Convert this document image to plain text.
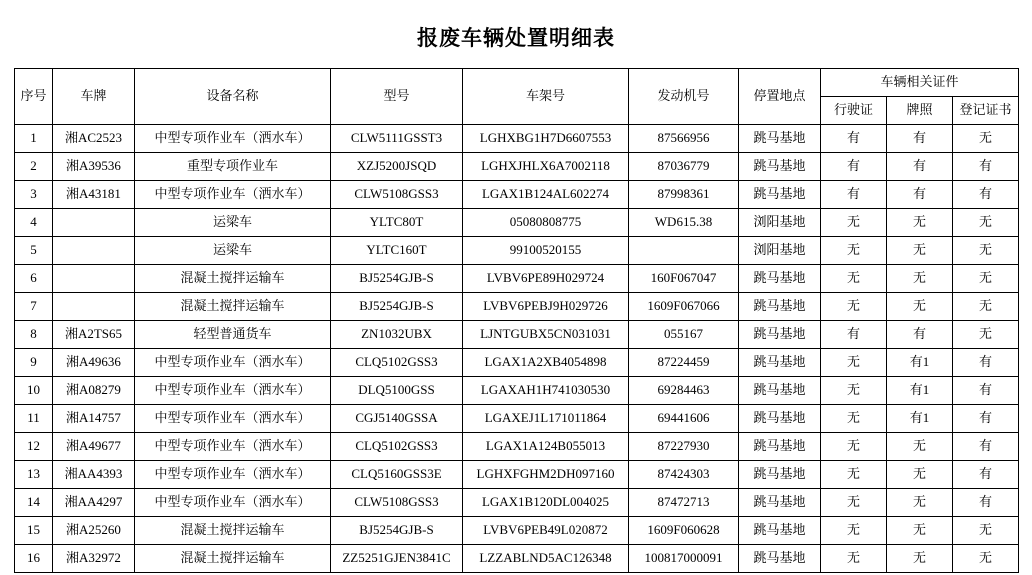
报废车辆处置明细表
序号	车牌	设备名称	型号	车架号	发动机号	停置地点	车辆相关证件		
							行驶证	牌照	登记证书
1	湘AC2523	中型专项作业车（洒水车）	CLW5111GSST3	LGHXBG1H7D6607553	87566956	跳马基地	有	有	无
2	湘A39536	重型专项作业车	XZJ5200JSQD	LGHXJHLX6A7002118	87036779	跳马基地	有	有	有
3	湘A43181	中型专项作业车（洒水车）	CLW5108GSS3	LGAX1B124AL602274	87998361	跳马基地	有	有	有
4		运梁车	YLTC80T	05080808775	WD615.38	浏阳基地	无	无	无
5		运梁车	YLTC160T	99100520155		浏阳基地	无	无	无
6		混凝土搅拌运输车	BJ5254GJB-S	LVBV6PE89H029724	160F067047	跳马基地	无	无	无
7		混凝土搅拌运输车	BJ5254GJB-S	LVBV6PEBJ9H029726	1609F067066	跳马基地	无	无	无
8	湘A2TS65	轻型普通货车	ZN1032UBX	LJNTGUBX5CN031031	055167	跳马基地	有	有	无
9	湘A49636	中型专项作业车（洒水车）	CLQ5102GSS3	LGAX1A2XB4054898	87224459	跳马基地	无	有1	有
10	湘A08279	中型专项作业车（洒水车）	DLQ5100GSS	LGAXAH1H741030530	69284463	跳马基地	无	有1	有
11	湘A14757	中型专项作业车（洒水车）	CGJ5140GSSA	LGAXEJ1L171011864	69441606	跳马基地	无	有1	有
12	湘A49677	中型专项作业车（洒水车）	CLQ5102GSS3	LGAX1A124B055013	87227930	跳马基地	无	无	有
13	湘AA4393	中型专项作业车（洒水车）	CLQ5160GSS3E	LGHXFGHM2DH097160	87424303	跳马基地	无	无	有
14	湘AA4297	中型专项作业车（洒水车）	CLW5108GSS3	LGAX1B120DL004025	87472713	跳马基地	无	无	有
15	湘A25260	混凝土搅拌运输车	BJ5254GJB-S	LVBV6PEB49L020872	1609F060628	跳马基地	无	无	无
16	湘A32972	混凝土搅拌运输车	ZZ5251GJEN3841C	LZZABLND5AC126348	100817000091	跳马基地	无	无	无
